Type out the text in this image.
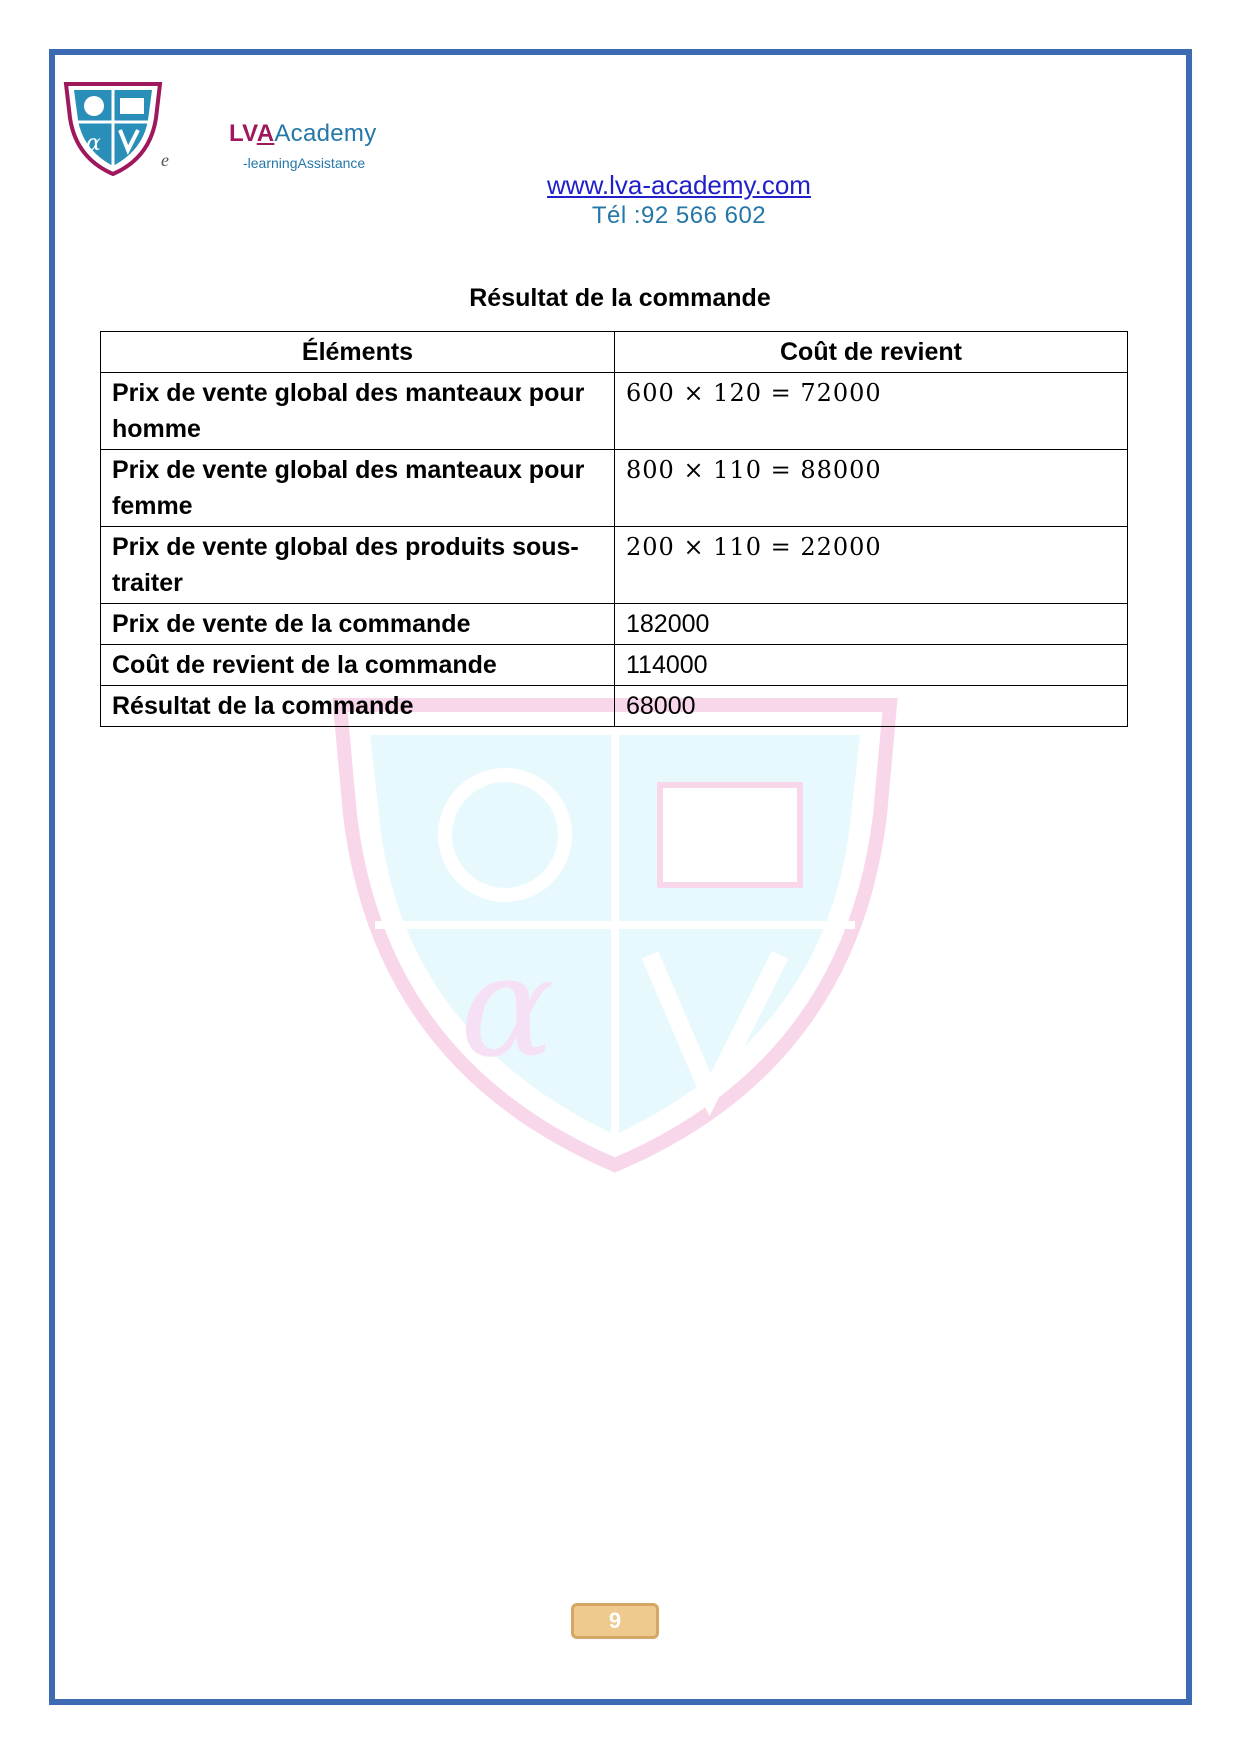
α
e
LVAAcademy
-learningAssistance
www.lva-academy.com
Tél :92 566 602
Résultat de la commande
α
Éléments	Coût de revient
Prix de vente global des manteaux pour homme	600 × 120 = 72000
Prix de vente global des manteaux pour femme	800 × 110 = 88000
Prix de vente global des produits sous-traiter	200 × 110 = 22000
Prix de vente de la commande	182000
Coût de revient de la commande	114000
Résultat de la commande	68000
9
